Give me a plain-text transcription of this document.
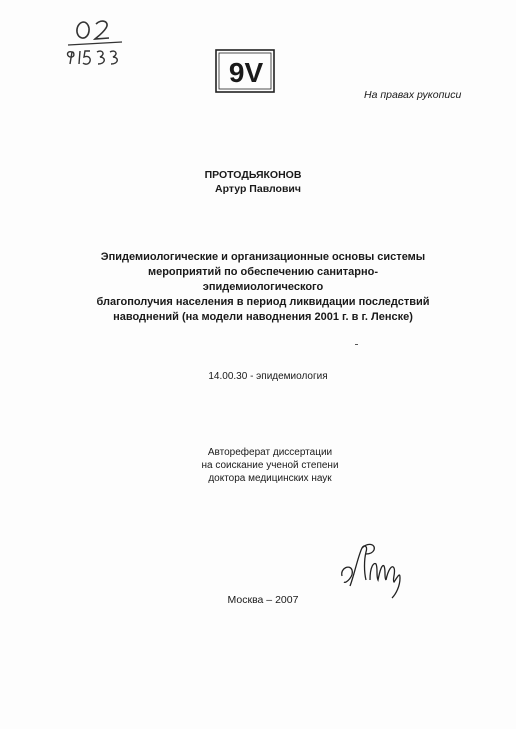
9V
На правах рукописи
ПРОТОДЬЯКОНОВ
Артур Павлович
Эпидемиологические и организационные основы системы
мероприятий по обеспечению санитарно-эпидемиологического
благополучия населения в период ликвидации последствий
наводнений (на модели наводнения 2001 г. в г. Ленске)
14.00.30 - эпидемиология
Автореферат диссертации
на соискание ученой степени
доктора медицинских наук
Москва – 2007
